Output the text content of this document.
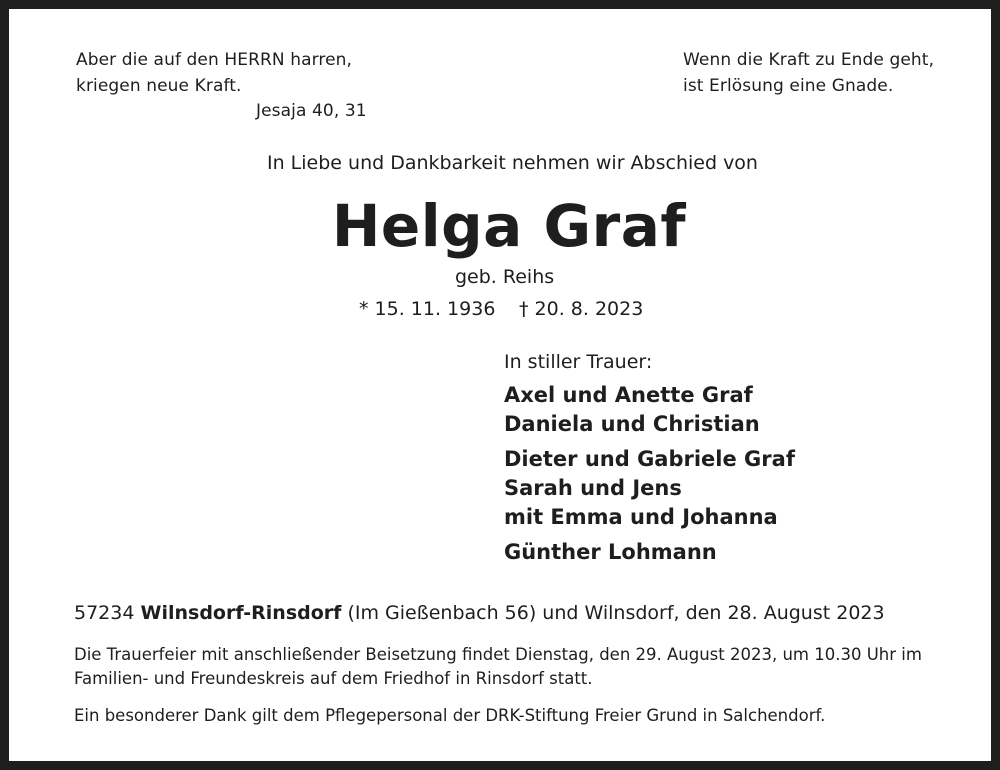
Aber die auf den HERRN harren,
kriegen neue Kraft.
Jesaja 40, 31
Wenn die Kraft zu Ende geht,
ist Erlösung eine Gnade.
In Liebe und Dankbarkeit nehmen wir Abschied von
Helga Graf
geb. Reihs
* 15. 11. 1936 † 20. 8. 2023
In stiller Trauer:
Axel und Anette Graf
Daniela und Christian
Dieter und Gabriele Graf
Sarah und Jens
mit Emma und Johanna
Günther Lohmann
57234 Wilnsdorf-Rinsdorf (Im Gießenbach 56) und Wilnsdorf, den 28. August 2023
Die Trauerfeier mit anschließender Beisetzung findet Dienstag, den 29. August 2023, um 10.30 Uhr im
Familien- und Freundeskreis auf dem Friedhof in Rinsdorf statt.
Ein besonderer Dank gilt dem Pflegepersonal der DRK-Stiftung Freier Grund in Salchendorf.
